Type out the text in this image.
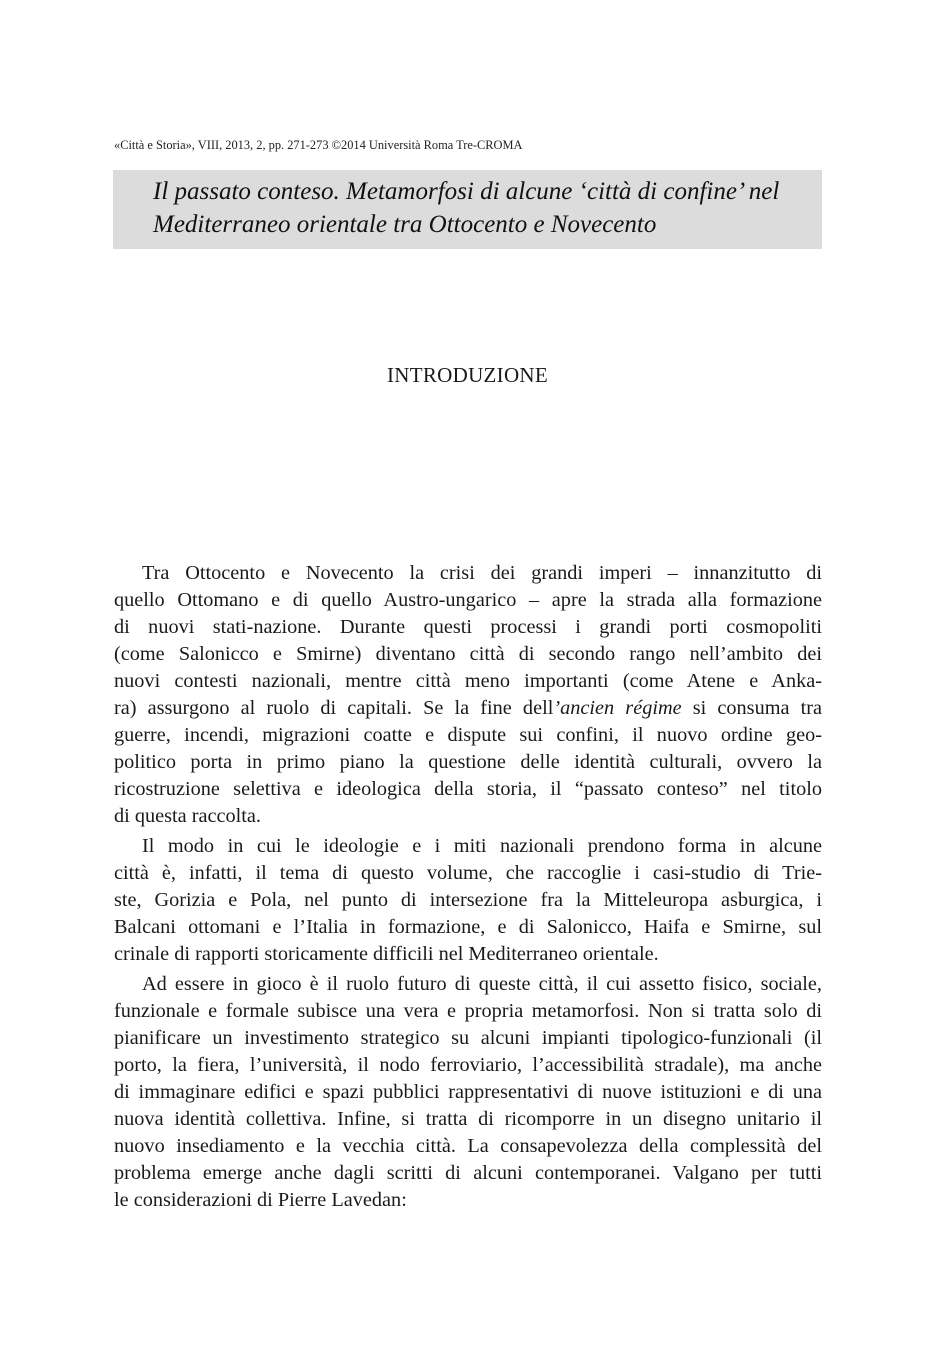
«Città e Storia», VIII, 2013, 2, pp. 271-273 ©2014 Università Roma Tre-CROMA
Il passato conteso. Metamorfosi di alcune ‘città di confine’ nel
Mediterraneo orientale tra Ottocento e Novecento
INTRODUZIONE
Tra Ottocento e Novecento la crisi dei grandi imperi – innanzitutto di
quello Ottomano e di quello Austro-ungarico – apre la strada alla formazione
di nuovi stati-nazione. Durante questi processi i grandi porti cosmopoliti
(come Salonicco e Smirne) diventano città di secondo rango nell’ambito dei
nuovi contesti nazionali, mentre città meno importanti (come Atene e Anka-
ra) assurgono al ruolo di capitali. Se la fine dell’ancien régime si consuma tra
guerre, incendi, migrazioni coatte e dispute sui confini, il nuovo ordine geo-
politico porta in primo piano la questione delle identità culturali, ovvero la
ricostruzione selettiva e ideologica della storia, il “passato conteso” nel titolo
di questa raccolta.
Il modo in cui le ideologie e i miti nazionali prendono forma in alcune
città è, infatti, il tema di questo volume, che raccoglie i casi-studio di Trie-
ste, Gorizia e Pola, nel punto di intersezione fra la Mitteleuropa asburgica, i
Balcani ottomani e l’Italia in formazione, e di Salonicco, Haifa e Smirne, sul
crinale di rapporti storicamente difficili nel Mediterraneo orientale.
Ad essere in gioco è il ruolo futuro di queste città, il cui assetto fisico, sociale,
funzionale e formale subisce una vera e propria metamorfosi. Non si tratta solo di
pianificare un investimento strategico su alcuni impianti tipologico-funzionali (il
porto, la fiera, l’università, il nodo ferroviario, l’accessibilità stradale), ma anche
di immaginare edifici e spazi pubblici rappresentativi di nuove istituzioni e di una
nuova identità collettiva. Infine, si tratta di ricomporre in un disegno unitario il
nuovo insediamento e la vecchia città. La consapevolezza della complessità del
problema emerge anche dagli scritti di alcuni contemporanei. Valgano per tutti
le considerazioni di Pierre Lavedan:
